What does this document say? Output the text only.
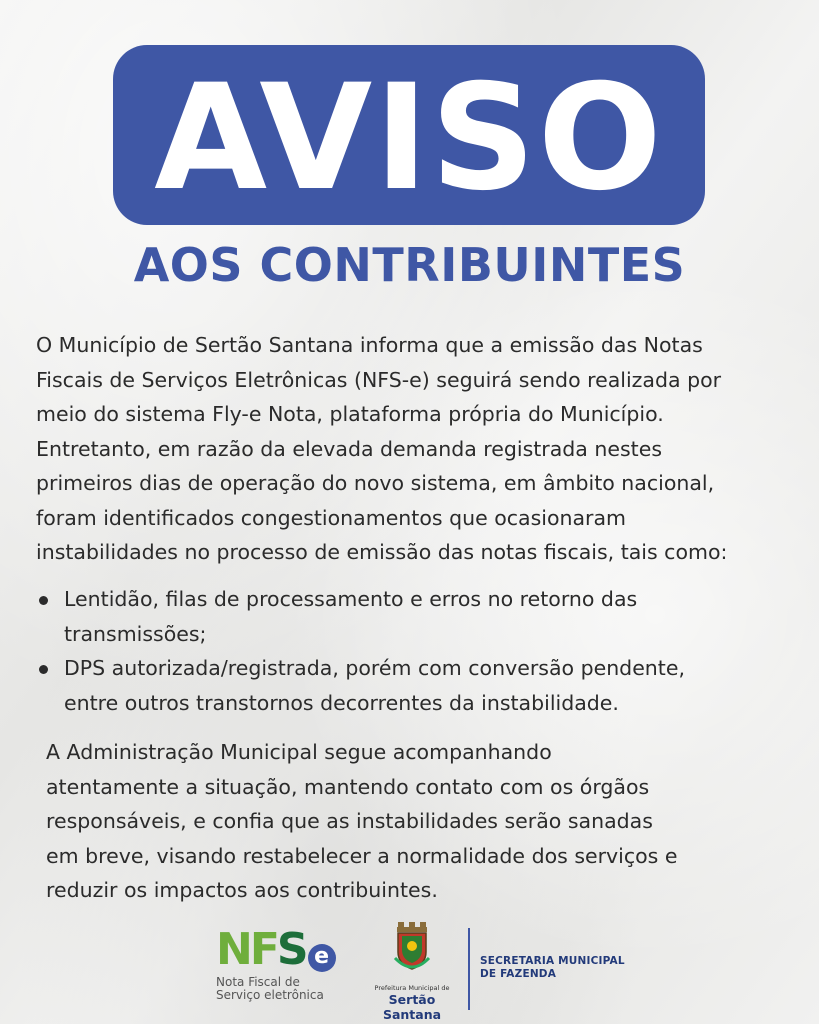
AVISO
AOS CONTRIBUINTES
O Município de Sertão Santana informa que a emissão das Notas
Fiscais de Serviços Eletrônicas (NFS-e) seguirá sendo realizada por
meio do sistema Fly-e Nota, plataforma própria do Município.
Entretanto, em razão da elevada demanda registrada nestes
primeiros dias de operação do novo sistema, em âmbito nacional,
foram identificados congestionamentos que ocasionaram
instabilidades no processo de emissão das notas fiscais, tais como:
Lentidão, filas de processamento e erros no retorno das
transmissões;
DPS autorizada/registrada, porém com conversão pendente,
entre outros transtornos decorrentes da instabilidade.
A Administração Municipal segue acompanhando
atentamente a situação, mantendo contato com os órgãos
responsáveis, e confia que as instabilidades serão sanadas
em breve, visando restabelecer a normalidade dos serviços e
reduzir os impactos aos contribuintes.
NFS e
Nota Fiscal de
Serviço eletrônica	Prefeitura Municipal de
Sertão Santana
SECRETARIA MUNICIPAL
DE FAZENDA
